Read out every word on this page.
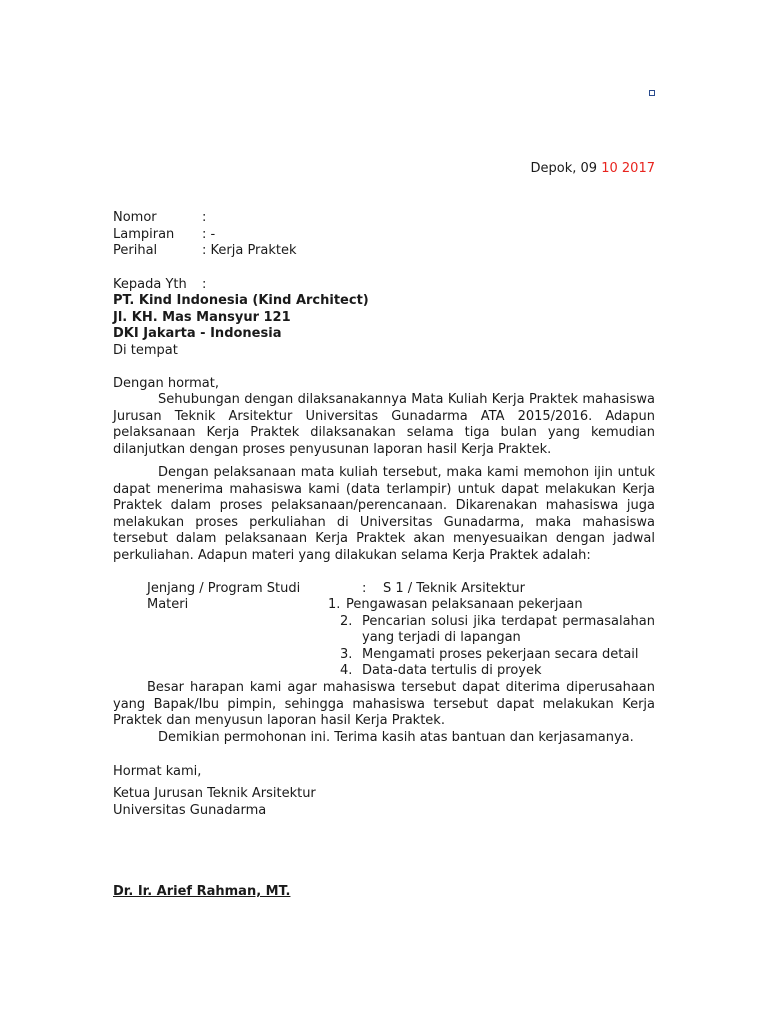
Depok, 09 10 2017
Nomor	:
Lampiran : -
Perihal	: Kerja Praktek
Kepada Yth :
PT. Kind Indonesia (Kind Architect)
Jl. KH. Mas Mansyur 121
DKI Jakarta - Indonesia
Di tempat
Dengan hormat,

Sehubungan dengan dilaksanakannya Mata Kuliah Kerja Praktek mahasiswa Jurusan Teknik Arsitektur Universitas Gunadarma ATA 2015/2016. Adapun pelaksanaan Kerja Praktek dilaksanakan selama tiga bulan yang kemudian dilanjutkan dengan proses penyusunan laporan hasil Kerja Praktek.

Dengan pelaksanaan mata kuliah tersebut, maka kami memohon ijin untuk dapat menerima mahasiswa kami (data terlampir) untuk dapat melakukan Kerja Praktek dalam proses pelaksanaan/perencanaan. Dikarenakan mahasiswa juga melakukan proses perkuliahan di Universitas Gunadarma, maka mahasiswa tersebut dalam pelaksanaan Kerja Praktek akan menyesuaikan dengan jadwal perkuliahan. Adapun materi yang dilakukan selama Kerja Praktek adalah:

Jenjang / Program Studi	: S 1 / Teknik Arsitektur
Materi	1. Pengawasan pelaksanaan pekerjaan
2. Pencarian solusi jika terdapat permasalahan
yang terjadi di lapangan
3. Mengamati proses pekerjaan secara detail
4. Data-data tertulis di proyek

Besar harapan kami agar mahasiswa tersebut dapat diterima diperusahaan yang Bapak/Ibu pimpin, sehingga mahasiswa tersebut dapat melakukan Kerja Praktek dan menyusun laporan hasil Kerja Praktek.

Demikian permohonan ini. Terima kasih atas bantuan dan kerjasamanya.

Hormat kami,
Ketua Jurusan Teknik Arsitektur
Universitas Gunadarma
Dr. Ir. Arief Rahman, MT.
